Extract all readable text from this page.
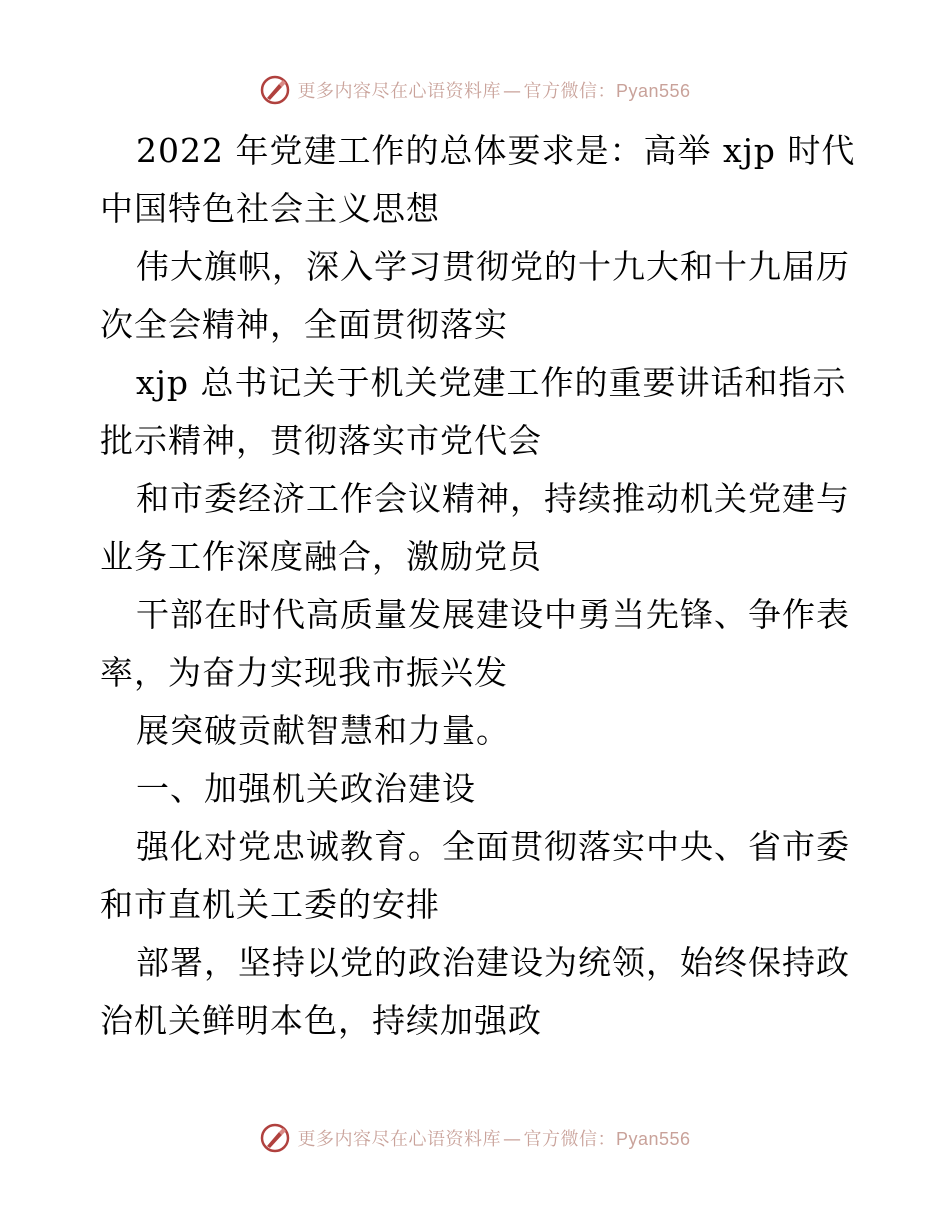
更多内容尽在心语资料库 — 官方微信：Pyan556

2022 年党建工作的总体要求是：高举 xjp 时代中国特色社会主义思想

伟大旗帜，深入学习贯彻党的十九大和十九届历次全会精神，全面贯彻落实

xjp 总书记关于机关党建工作的重要讲话和指示批示精神，贯彻落实市党代会

和市委经济工作会议精神，持续推动机关党建与业务工作深度融合，激励党员

干部在时代高质量发展建设中勇当先锋、争作表率，为奋力实现我市振兴发

展突破贡献智慧和力量。

一、加强机关政治建设

强化对党忠诚教育。全面贯彻落实中央、省市委和市直机关工委的安排

部署，坚持以党的政治建设为统领，始终保持政治机关鲜明本色，持续加强政

更多内容尽在心语资料库 — 官方微信：Pyan556
